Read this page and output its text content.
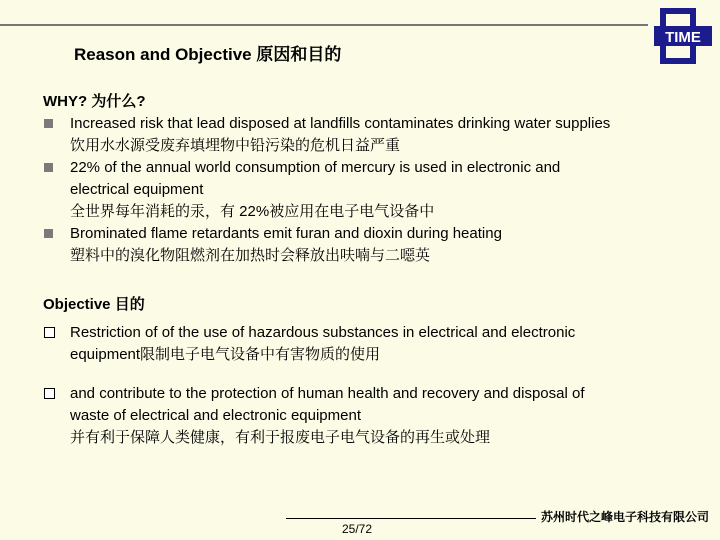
TIME
Reason and Objective 原因和目的
WHY? 为什么?
Increased risk that lead disposed at landfills contaminates drinking water supplies
饮用水水源受废弃填埋物中铅污染的危机日益严重
22% of the annual world consumption of mercury is used in electronic and
electrical equipment
全世界每年消耗的汞，有 22%被应用在电子电气设备中
Brominated flame retardants emit furan and dioxin during heating
塑料中的溴化物阻燃剂在加热时会释放出呋喃与二噁英
Objective 目的
Restriction of of the use of hazardous substances in electrical and electronic
equipment限制电子电气设备中有害物质的使用
and contribute to the protection of human health and recovery and disposal of
waste of electrical and electronic equipment
并有利于保障人类健康，有利于报废电子电气设备的再生或处理
苏州时代之峰电子科技有限公司
25/72
